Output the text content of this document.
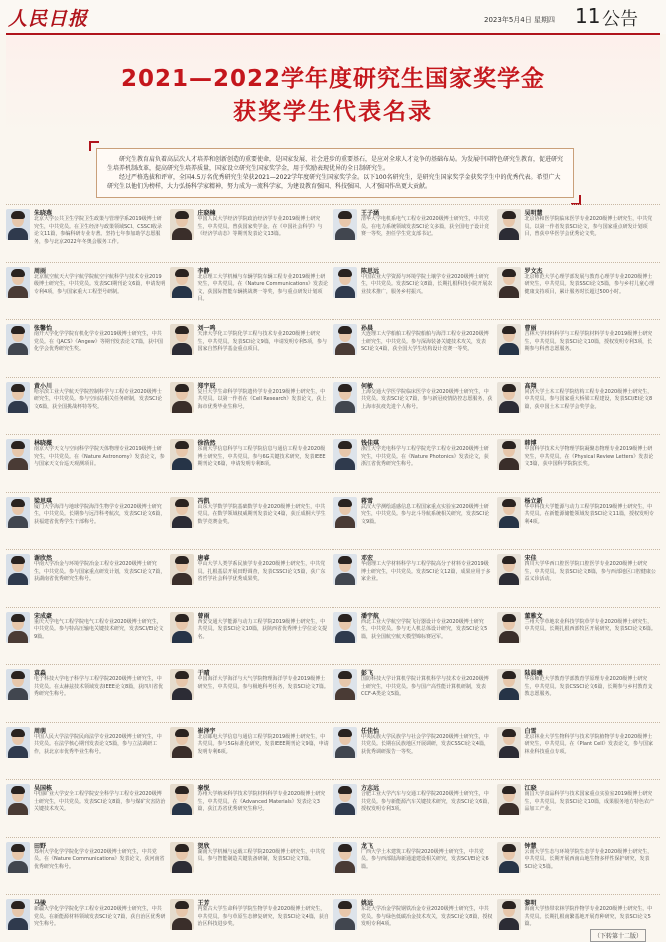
人民日报	2023年5月4日 星期四 11 公告
2021—2022学年度研究生国家奖学金
获奖学生代表名录

研究生教育肩负着高层次人才培养和创新创造的重要使命，是国家发展、社会进步的重要基石，是应对全球人才竞争的基础布局。为发展中国特色研究生教育，促进研究生培养机制改革，提高研究生培养质量，国家设立研究生国家奖学金，用于奖励表现优异的全日制研究生。

经过严格选拔和评审，全国4.5万名优秀研究生荣获2021—2022学年度研究生国家奖学金。以下100名研究生，是研究生国家奖学金获奖学生中的优秀代表。希望广大研究生以他们为榜样，大力弘扬科学家精神，努力成为一流科学家，为建设教育强国、科技强国、人才强国作出更大贡献。

朱晓燕
北京大学公共卫生学院卫生政策与管理学系2019级博士研究生，中共党员。在卫生经济与政策领域SCI、CSSCI收录论文11篇，参编科研专业专著。坚持七年参加助学志愿服务，参与北京2022年冬奥会服务工作。
庄晓楠
中国人民大学经济学院政治经济学专业2019级博士研究生，中共党员。曾获国家奖学金。在《中国社会科学》与《经济学动态》等期刊发表论文13篇。
王子涵
清华大学电机系电气工程专业2020级博士研究生，中共党员。在电力系统领域发表SCI论文多篇，获全国电子设计竞赛一等奖，担任学生党支部书记。
吴明慧
北京协和医学院临床医学专业2020级博士研究生，中共党员。以第一作者发表SCI论文，参与国家重点研发计划项目，曾获中华医学会优秀论文奖。
周雨
北京航空航天大学宇航学院航空宇航科学与技术专业2019级博士研究生，中共党员。发表SCI期刊论文6篇，申请发明专利4项，参与国家重大工程型号研制。
李静
北京理工大学机械与车辆学院车辆工程专业2019级博士研究生，中共党员。在《Nature Communications》发表论文，获国际智能车辆挑战赛一等奖，参与重点研发计划项目。
陈思远
中国农业大学资源与环境学院土壤学专业2020级博士研究生，中共党员。发表SCI论文8篇，长期扎根科技小院开展农业技术推广，服务乡村振兴。
罗文杰
北京师范大学心理学部发展与教育心理学专业2020级博士研究生，中共党员。发表SSCI论文5篇，参与乡村儿童心理健康支持项目，累计服务时长超过500小时。
张馨怡
南开大学化学学院有机化学专业2019级博士研究生，中共党员。在《JACS》《Angew》等期刊发表论文7篇，获中国化学会优秀研究生奖。
刘一鸣
天津大学化工学院化学工程与技术专业2020级博士研究生，中共党员。发表SCI论文9篇，申请发明专利5项，参与国家自然科学基金重点项目。
孙晨
大连理工大学船舶工程学院船舶与海洋工程专业2020级博士研究生，中共党员。参与深海装备关键技术攻关，发表SCI论文4篇，获全国大学生结构设计竞赛一等奖。
曹丽
吉林大学材料科学与工程学院材料学专业2019级博士研究生，中共党员。发表SCI论文10篇，授权发明专利3项，长期参与科普志愿服务。
黄小川
哈尔滨工业大学航天学院控制科学与工程专业2020级博士研究生，中共党员。参与空间站相关任务研制，发表SCI论文6篇，获全国挑战杯特等奖。
郑宇辰
复旦大学生命科学学院遗传学专业2019级博士研究生，中共党员。以第一作者在《Cell Research》发表论文，获上海市优秀毕业生称号。
何敏
上海交通大学医学院临床医学专业2020级博士研究生，中共党员。发表SCI论文7篇，参与新冠疫情防控志愿服务，获上海市抗疫先进个人称号。
高翔
同济大学土木工程学院结构工程专业2020级博士研究生，中共党员。参与国家重大桥梁工程建设，发表SCI/EI论文8篇，获中国土木工程学会奖学金。
林晓薇
南京大学天文与空间科学学院天体物理专业2019级博士研究生，中共党员。在《Nature Astronomy》发表论文，参与国家天文台巡天观测项目。
徐浩然
东南大学信息科学与工程学院信息与通信工程专业2020级博士研究生，中共党员。参与6G关键技术研究，发表IEEE期刊论文6篇，申请发明专利8项。
钱佳琪
浙江大学光电科学与工程学院光学工程专业2020级博士研究生，中共党员。在《Nature Photonics》发表论文，获浙江省优秀研究生称号。
韩博
中国科学技术大学物理学院凝聚态物理专业2019级博士研究生，中共党员。在《Physical Review Letters》发表论文3篇，获中国科学院院长奖。
梁思琪
厦门大学海洋与地球学院海洋生物学专业2020级博士研究生，中共党员。长期参与远洋科考航次，发表SCI论文6篇，获福建省优秀学生干部称号。
冯凯
山东大学数学学院基础数学专业2020级博士研究生，中共党员。在数学领域权威期刊发表论文4篇，获丘成桐大学生数学竞赛金奖。
蒋雪
武汉大学测绘遥感信息工程国家重点实验室2020级博士研究生，中共党员。参与北斗导航系统相关研究，发表SCI论文9篇。
杨立新
华中科技大学能源与动力工程学院2019级博士研究生，中共党员。在新能源储能领域发表SCI论文11篇，授权发明专利4项。
谢欣然
中南大学冶金与环境学院冶金工程专业2020级博士研究生，中共党员。参与国家重点研发计划，发表SCI论文7篇，获湖南省优秀研究生称号。
唐睿
中山大学人类学系民族学专业2020级博士研究生，中共党员。扎根基层开展田野调查，发表CSSCI论文5篇，获广东省哲学社会科学优秀成果奖。
邓宏
华南理工大学材料科学与工程学院高分子材料专业2019级博士研究生，中共党员。发表SCI论文12篇，成果应用于多家企业。
宋佳
四川大学华西口腔医学院口腔医学专业2020级博士研究生，中共党员。发表SCI论文8篇，参与西部地区口腔健康公益义诊活动。
宋成豪
重庆大学电气工程学院电气工程专业2020级博士研究生，中共党员。参与特高压输电关键技术研究，发表SCI/EI论文9篇。
曾雨
西安交通大学能源与动力工程学院2019级博士研究生，中共党员。发表SCI论文10篇，获陕西省优秀博士学位论文提名。
潘宇航
西北工业大学航空学院飞行器设计专业2020级博士研究生，中共党员。参与无人机总体设计研究，发表SCI论文5篇，获全国航空航天模型锦标赛冠军。
董雅文
兰州大学草地农业科技学院草学专业2020级博士研究生，中共党员。长期扎根西部牧区开展研究，发表SCI论文6篇。
袁淼
电子科技大学电子科学与工程学院2020级博士研究生，中共党员。在太赫兹技术领域发表IEEE论文8篇，获四川省优秀研究生称号。
于晴
中国海洋大学海洋与大气学院物理海洋学专业2019级博士研究生，中共党员。参与极地科考任务，发表SCI论文7篇。
彭飞
国防科技大学计算机学院计算机科学与技术专业2020级博士研究生，中共党员。参与国产高性能计算机研制，发表CCF-A类论文5篇。
陆晨曦
华东师范大学教育学部教育学原理专业2020级博士研究生，中共党员。发表CSSCI论文6篇，长期参与乡村教育支教志愿服务。
周萌
中国人民大学法学院民商法学专业2020级博士研究生，中共党员。在法学核心期刊发表论文5篇，参与立法调研工作，获北京市优秀毕业生称号。
崔泽宇
北京邮电大学信息与通信工程学院2019级博士研究生，中共党员。参与5G标准化研究，发表IEEE期刊论文9篇，申请发明专利6项。
任佳怡
中央民族大学民族学与社会学学院2020级博士研究生，中共党员。长期在民族地区开展调研，发表CSSCI论文4篇，获优秀调研报告一等奖。
白雪
北京林业大学生物科学与技术学院植物学专业2020级博士研究生，中共党员。在《Plant Cell》发表论文，参与国家林业科技重点专项。
吴国栋
中国矿业大学安全工程学院安全科学与工程专业2020级博士研究生，中共党员。发表SCI论文8篇，参与煤矿灾害防治关键技术攻关。
秦悦
苏州大学纳米科学技术学院材料科学专业2020级博士研究生，中共党员。在《Advanced Materials》发表论文3篇，获江苏省优秀研究生称号。
方志远
合肥工业大学汽车与交通工程学院2020级博士研究生，中共党员。参与新能源汽车关键技术研究，发表SCI论文6篇，授权发明专利3项。
江晓
南昌大学食品科学与技术国家重点实验室2019级博士研究生，中共党员。发表SCI论文10篇，成果服务地方特色农产品加工产业。
田野
郑州大学化学学院化学专业2020级博士研究生，中共党员。在《Nature Communications》发表论文，获河南省优秀研究生称号。
贺欣
湖南大学机械与运载工程学院2020级博士研究生，中共党员。参与智能制造关键装备研制，发表SCI论文7篇。
龙飞
广西大学土木建筑工程学院2020级博士研究生，中共党员。参与西部陆海新通道建设相关研究，发表SCI/EI论文6篇。
钟慧
云南大学生态与环境学院生态学专业2020级博士研究生，中共党员。长期开展西南山地生物多样性保护研究，发表SCI论文5篇。
马骏
新疆大学化学学院化学工程专业2020级博士研究生，中共党员。在新能源材料领域发表SCI论文7篇，获自治区优秀研究生称号。
王芳
内蒙古大学生命科学学院生物学专业2020级博士研究生，中共党员。参与草原生态修复研究，发表SCI论文4篇，获自治区科技进步奖。
姚远
东北大学冶金学院钢铁冶金专业2020级博士研究生，中共党员。参与绿色低碳冶金技术攻关，发表SCI论文8篇，授权发明专利4项。
黎明
海南大学热带农林学院作物学专业2020级博士研究生，中共党员。长期扎根南繁基地开展育种研究，发表SCI论文5篇。
（下转第十二版）
